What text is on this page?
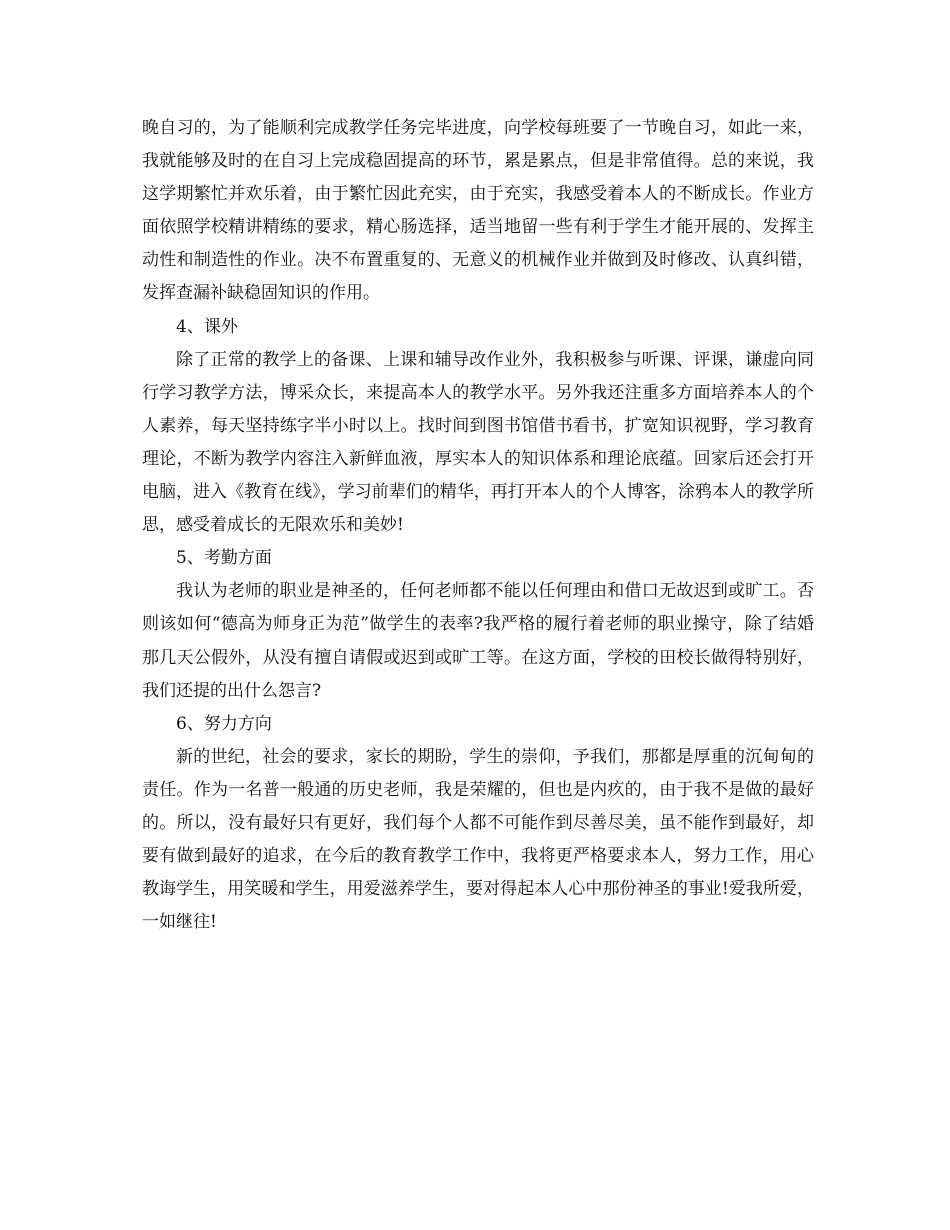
晚自习的，为了能顺利完成教学任务完毕进度，向学校每班要了一节晚自习，如此一来，我就能够及时的在自习上完成稳固提高的环节，累是累点，但是非常值得。总的来说，我这学期繁忙并欢乐着，由于繁忙因此充实，由于充实，我感受着本人的不断成长。作业方面依照学校精讲精练的要求，精心肠选择，适当地留一些有利于学生才能开展的、发挥主动性和制造性的作业。决不布置重复的、无意义的机械作业并做到及时修改、认真纠错，发挥查漏补缺稳固知识的作用。

4、课外

除了正常的教学上的备课、上课和辅导改作业外，我积极参与听课、评课，谦虚向同行学习教学方法，博采众长，来提高本人的教学水平。另外我还注重多方面培养本人的个人素养，每天坚持练字半小时以上。找时间到图书馆借书看书，扩宽知识视野，学习教育理论，不断为教学内容注入新鲜血液，厚实本人的知识体系和理论底蕴。回家后还会打开电脑，进入《教育在线》，学习前辈们的精华，再打开本人的个人博客，涂鸦本人的教学所思，感受着成长的无限欢乐和美妙!

5、考勤方面

我认为老师的职业是神圣的，任何老师都不能以任何理由和借口无故迟到或旷工。否则该如何“德高为师身正为范”做学生的表率?我严格的履行着老师的职业操守，除了结婚那几天公假外，从没有擅自请假或迟到或旷工等。在这方面，学校的田校长做得特别好，我们还提的出什么怨言?

6、努力方向

新的世纪，社会的要求，家长的期盼，学生的崇仰，予我们，那都是厚重的沉甸甸的责任。作为一名普一般通的历史老师，我是荣耀的，但也是内疚的，由于我不是做的最好的。所以，没有最好只有更好，我们每个人都不可能作到尽善尽美，虽不能作到最好，却要有做到最好的追求，在今后的教育教学工作中，我将更严格要求本人，努力工作，用心教诲学生，用笑暖和学生，用爱滋养学生，要对得起本人心中那份神圣的事业!爱我所爱，一如继往!
